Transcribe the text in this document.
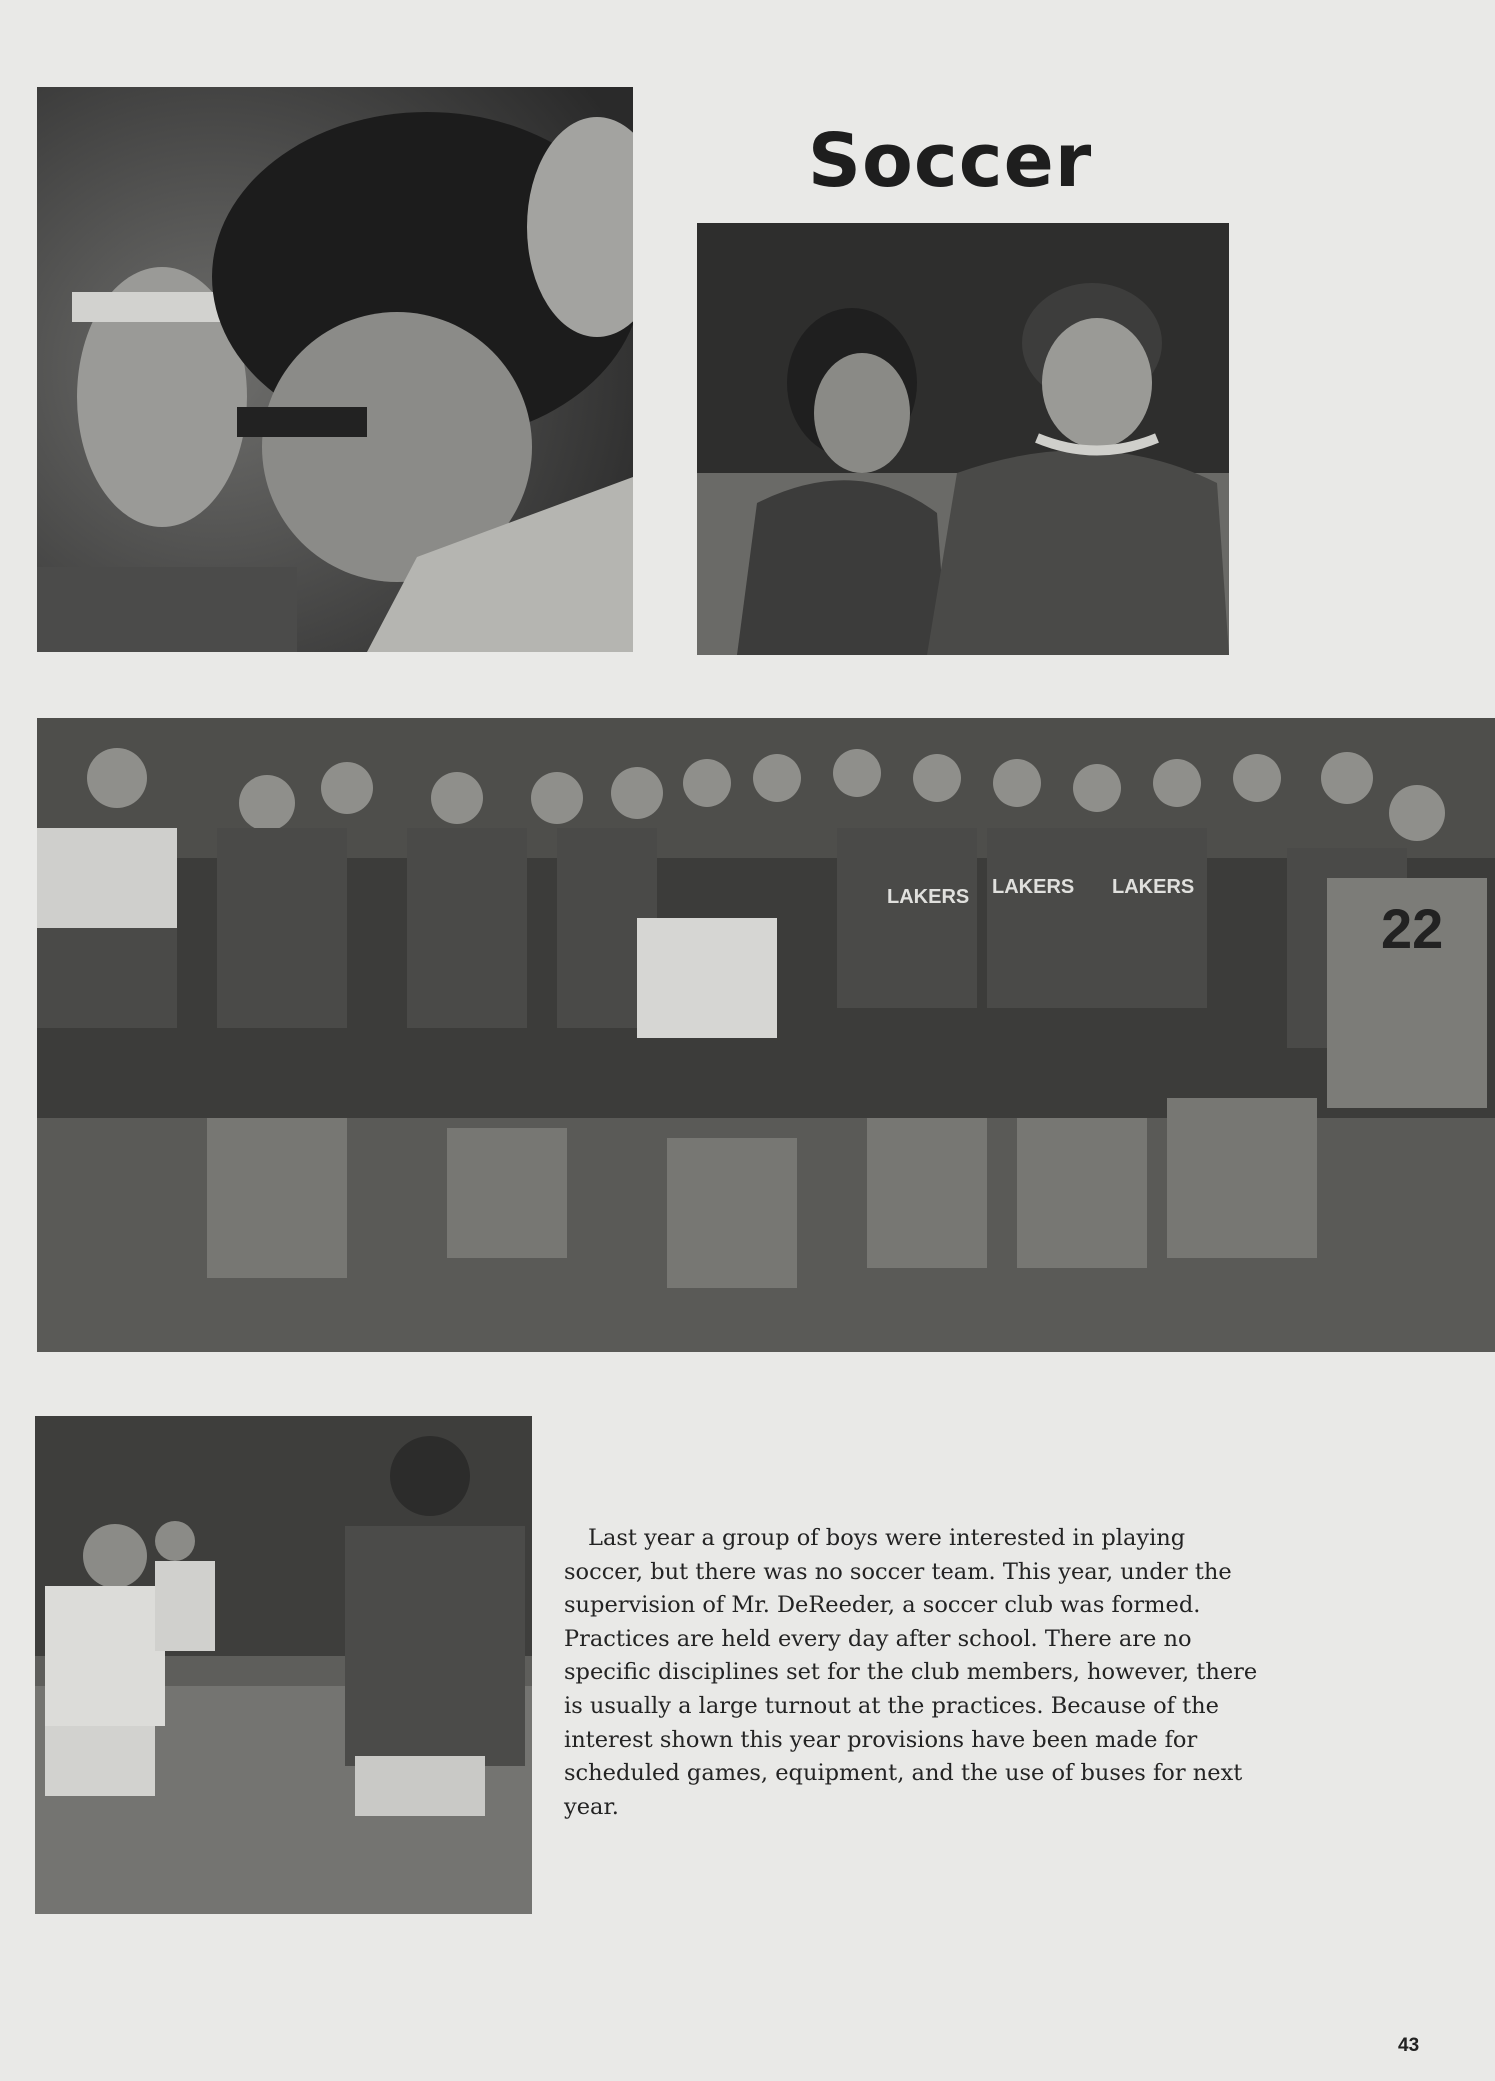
Soccer
22
LAKERS LAKERS LAKERS

Last year a group of boys were interested in playing soccer, but there was no soccer team. This year, under the supervision of Mr. DeReeder, a soccer club was formed. Practices are held every day after school. There are no specific disciplines set for the club members, however, there is usually a large turnout at the practices. Because of the interest shown this year provisions have been made for scheduled games, equipment, and the use of buses for next year.

43
